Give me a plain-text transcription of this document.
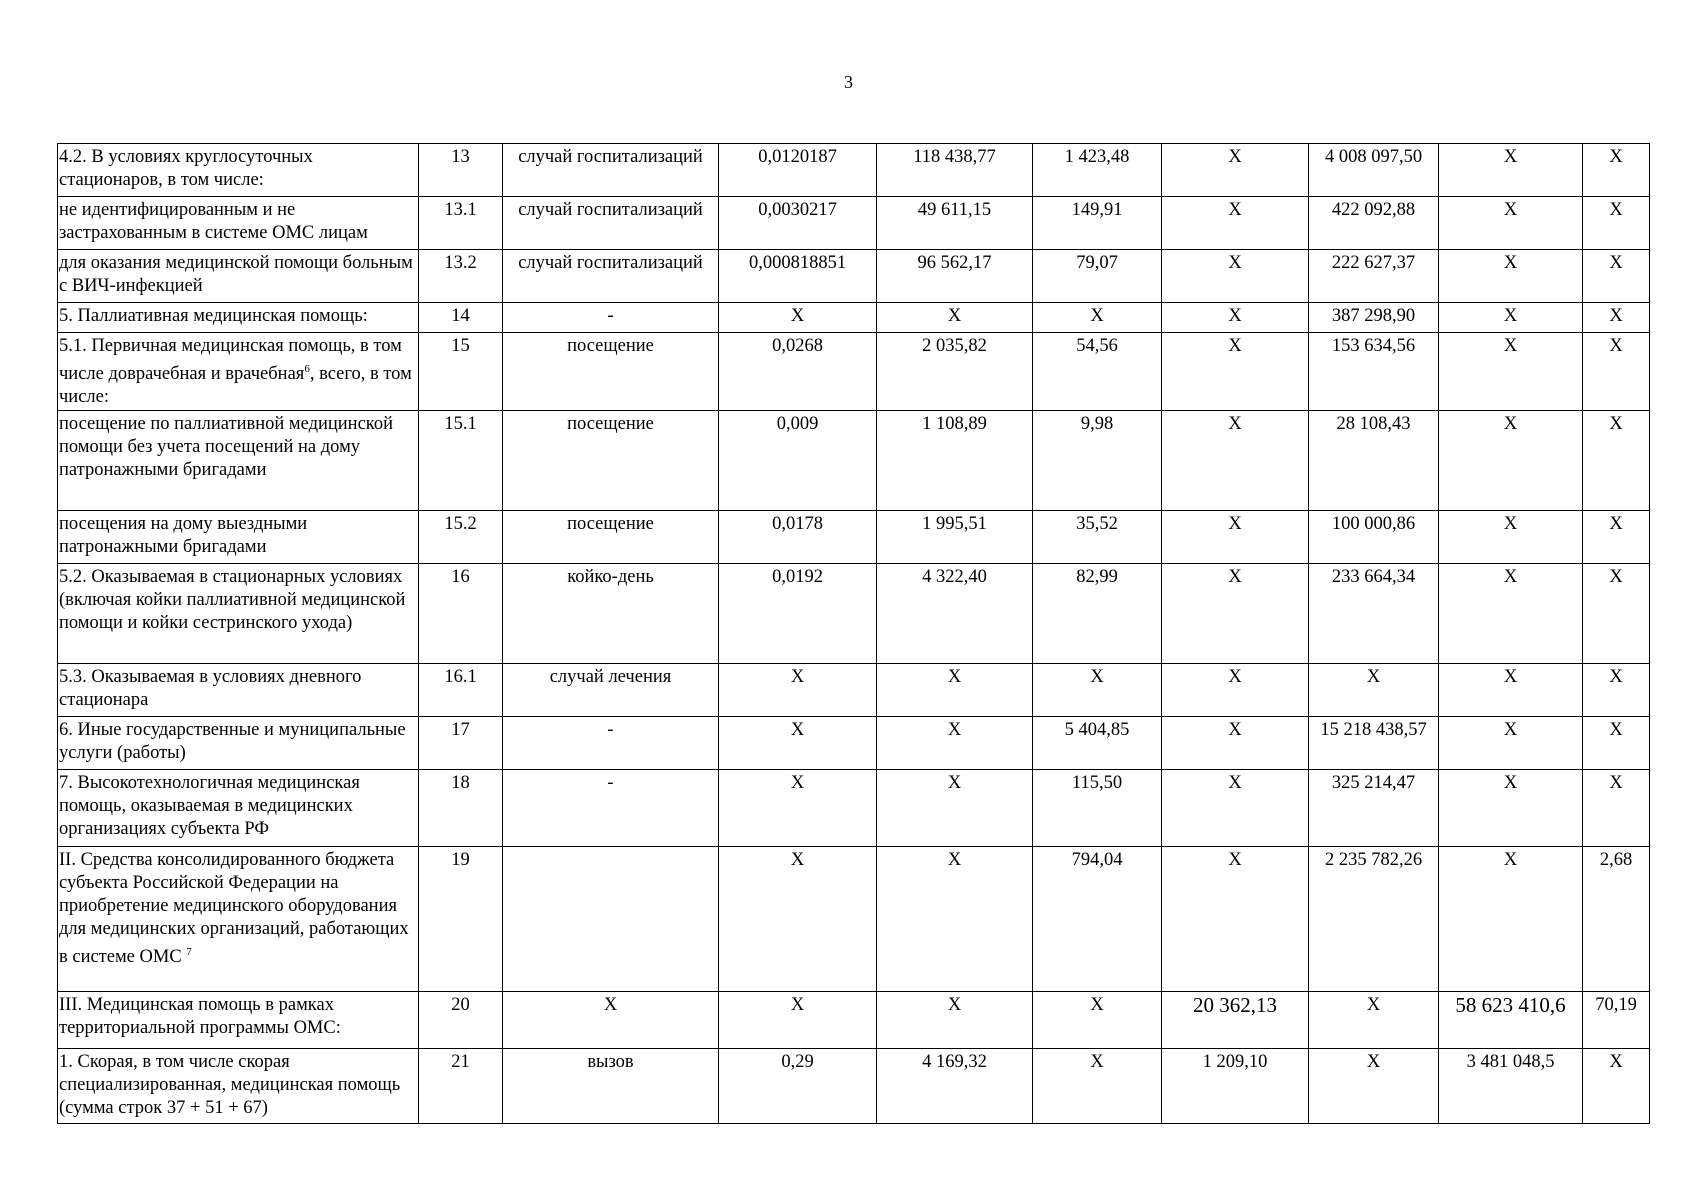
3
4.2. В условиях круглосуточных стационаров, в том числе:	13	случай госпитализаций	0,0120187	118 438,77	1 423,48	Х	4 008 097,50	Х	Х
не идентифицированным и не застрахованным в системе ОМС лицам	13.1	случай госпитализаций	0,0030217	49 611,15	149,91	Х	422 092,88	Х	Х
для оказания медицинской помощи больным с ВИЧ-инфекцией	13.2	случай госпитализаций	0,000818851	96 562,17	79,07	Х	222 627,37	Х	Х
5. Паллиативная медицинская помощь:	14	-	Х	Х	Х	Х	387 298,90	Х	Х
5.1. Первичная медицинская помощь, в том числе доврачебная и врачебная$^6$, всего, в том числе:	15	посещение	0,0268	2 035,82	54,56	Х	153 634,56	Х	Х
посещение по паллиативной медицинской помощи без учета посещений на дому патронажными бригадами	15.1	посещение	0,009	1 108,89	9,98	Х	28 108,43	Х	Х
посещения на дому выездными патронажными бригадами	15.2	посещение	0,0178	1 995,51	35,52	Х	100 000,86	Х	Х
5.2. Оказываемая в стационарных условиях (включая койки паллиативной медицинской помощи и койки сестринского ухода)	16	койко-день	0,0192	4 322,40	82,99	Х	233 664,34	Х	Х
5.3. Оказываемая в условиях дневного стационара	16.1	случай лечения	Х	Х	Х	Х	Х	Х	Х
6. Иные государственные и муниципальные услуги (работы)	17	-	Х	Х	5 404,85	Х	15 218 438,57	Х	Х
7. Высокотехнологичная медицинская помощь, оказываемая в медицинских организациях субъекта РФ	18	-	Х	Х	115,50	Х	325 214,47	Х	Х
II. Средства консолидированного бюджета субъекта Российской Федерации на приобретение медицинского оборудования для медицинских организаций, работающих в системе ОМС $^7$	19		Х	Х	794,04	Х	2 235 782,26	Х	2,68
III. Медицинская помощь в рамках территориальной программы ОМС:	20	Х	Х	Х	Х	20 362,13	Х	58 623 410,6	70,19
1. Скорая, в том числе скорая специализированная, медицинская помощь (сумма строк 37 + 51 + 67)	21	вызов	0,29	4 169,32	Х	1 209,10	Х	3 481 048,5	Х
